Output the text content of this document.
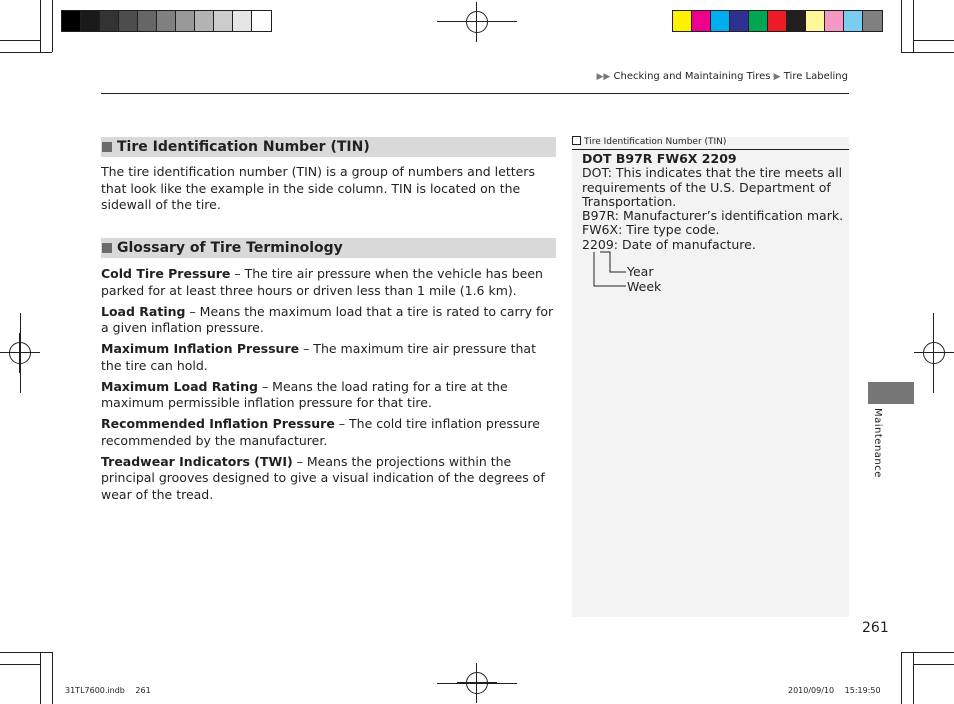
▶▶ Checking and Maintaining Tires ▶ Tire Labeling
Tire Identification Number (TIN)
The tire identification number (TIN) is a group of numbers and letters that look like the example in the side column. TIN is located on the sidewall of the tire.
Glossary of Tire Terminology

Cold Tire Pressure – The tire air pressure when the vehicle has been parked for at least three hours or driven less than 1 mile (1.6 km).

Load Rating – Means the maximum load that a tire is rated to carry for a given inflation pressure.

Maximum Inflation Pressure – The maximum tire air pressure that the tire can hold.

Maximum Load Rating – Means the load rating for a tire at the maximum permissible inflation pressure for that tire.

Recommended Inflation Pressure – The cold tire inflation pressure recommended by the manufacturer.

Treadwear Indicators (TWI) – Means the projections within the principal grooves designed to give a visual indication of the degrees of wear of the tread.

Tire Identification Number (TIN)
DOT B97R FW6X 2209
DOT: This indicates that the tire meets all requirements of the U.S. Department of Transportation.
B97R: Manufacturer’s identification mark.
FW6X: Tire type code.
2209: Date of manufacture.
Year
Week
Maintenance
261
31TL7600.indb　 261	2010/09/10　 15:19:50
